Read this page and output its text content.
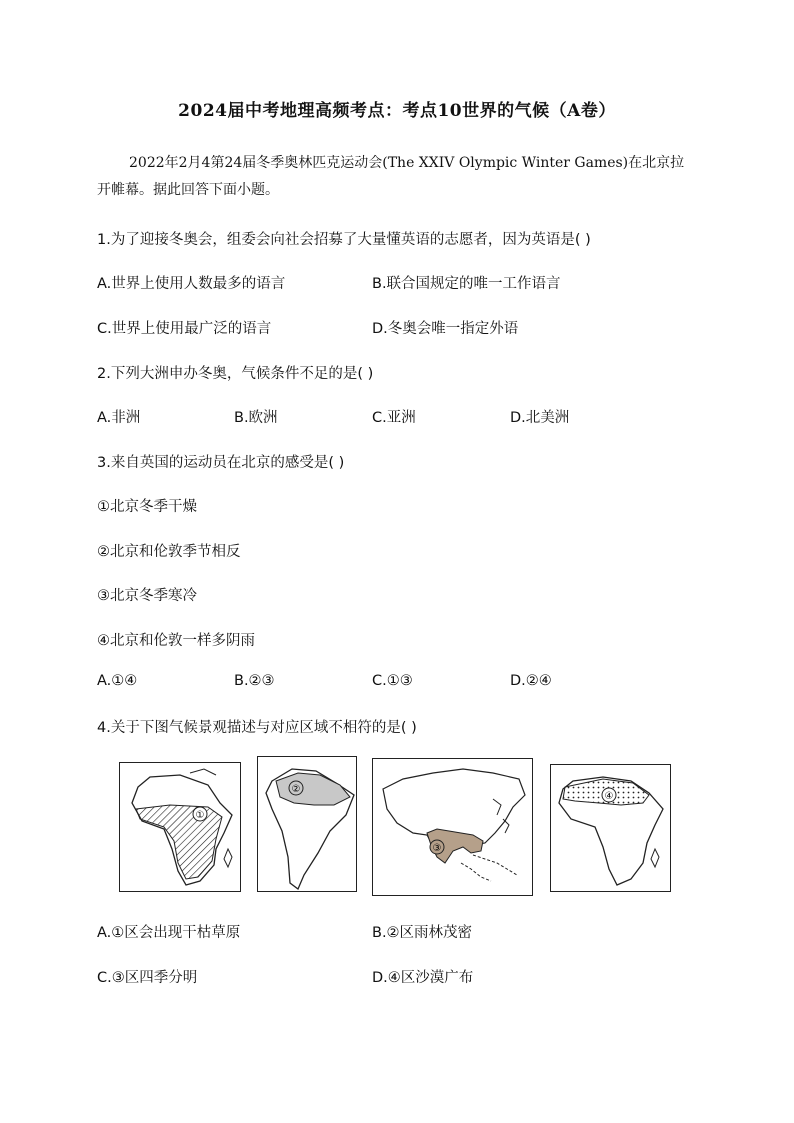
2024届中考地理高频考点：考点10世界的气候（A卷）
2022年2月4第24届冬季奥林匹克运动会(The XXIV Olympic Winter Games)在北京拉开帷幕。据此回答下面小题。
1.为了迎接冬奥会，组委会向社会招募了大量懂英语的志愿者，因为英语是( )
A.世界上使用人数最多的语言	B.联合国规定的唯一工作语言
C.世界上使用最广泛的语言	D.冬奥会唯一指定外语
2.下列大洲申办冬奥，气候条件不足的是( )
A.非洲	B.欧洲	C.亚洲	D.北美洲
3.来自英国的运动员在北京的感受是( )
①北京冬季干燥
②北京和伦敦季节相反
③北京冬季寒冷
④北京和伦敦一样多阴雨
A.①④	B.②③	C.①③	D.②④
4.关于下图气候景观描述与对应区域不相符的是( )
①
②
③
④
A.①区会出现干枯草原	B.②区雨林茂密
C.③区四季分明	D.④区沙漠广布
